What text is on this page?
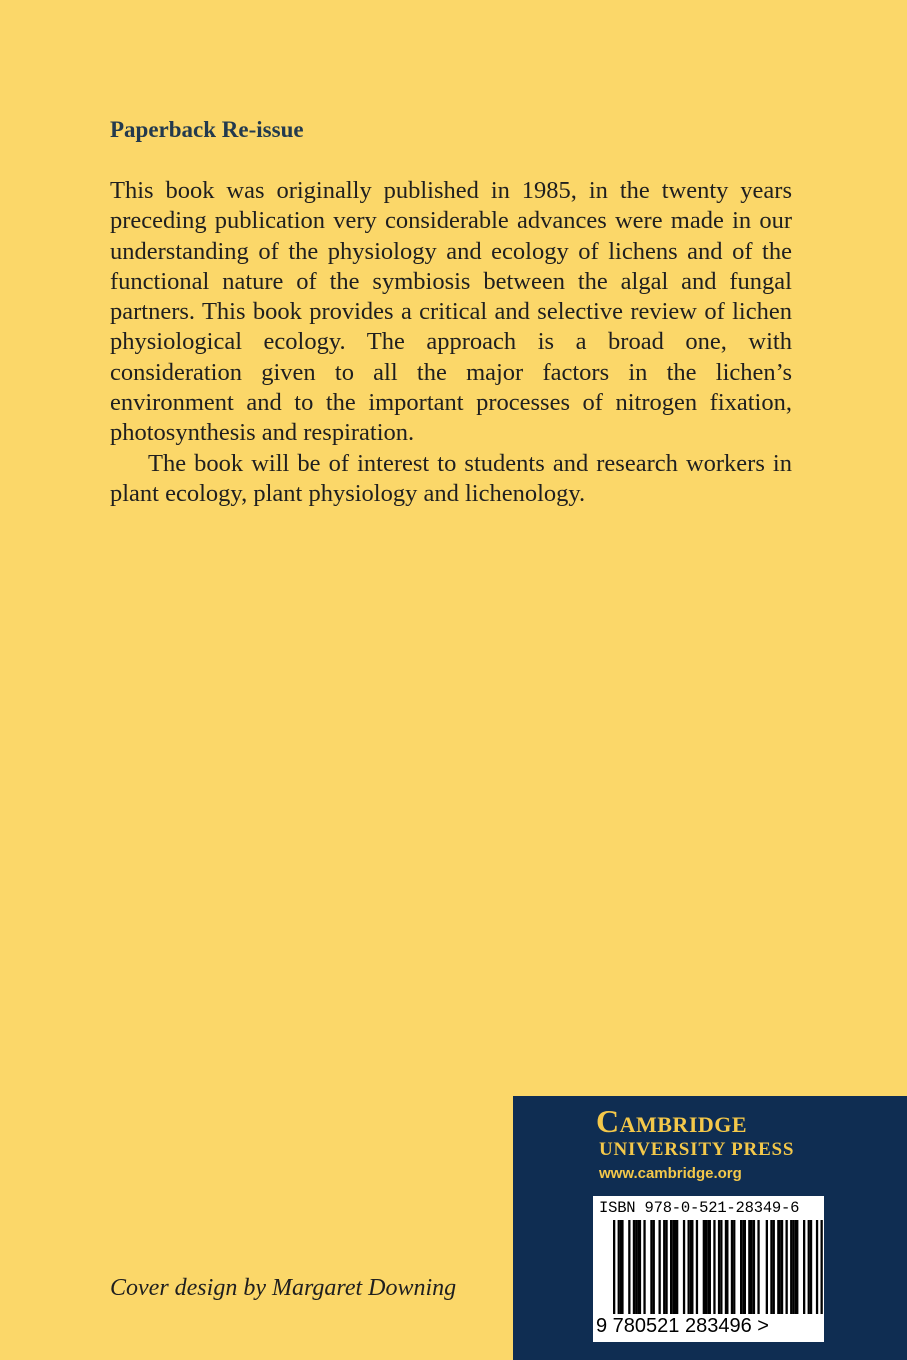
Paperback Re-issue

This book was originally published in 1985, in the twenty years preceding publication very considerable advances were made in our understanding of the physiology and ecology of lichens and of the functional nature of the symbiosis between the algal and fungal partners. This book provides a critical and selective review of lichen physiological ecology. The approach is a broad one, with consideration given to all the major factors in the lichen’s environment and to the important processes of nitrogen fixation, photosynthesis and respiration.

The book will be of interest to students and research workers in plant ecology, plant physiology and lichenology.

Cover design by Margaret Downing
Cambridge
UNIVERSITY PRESS
www.cambridge.org
ISBN 978-0-521-28349-6
9 780521 283496 >
